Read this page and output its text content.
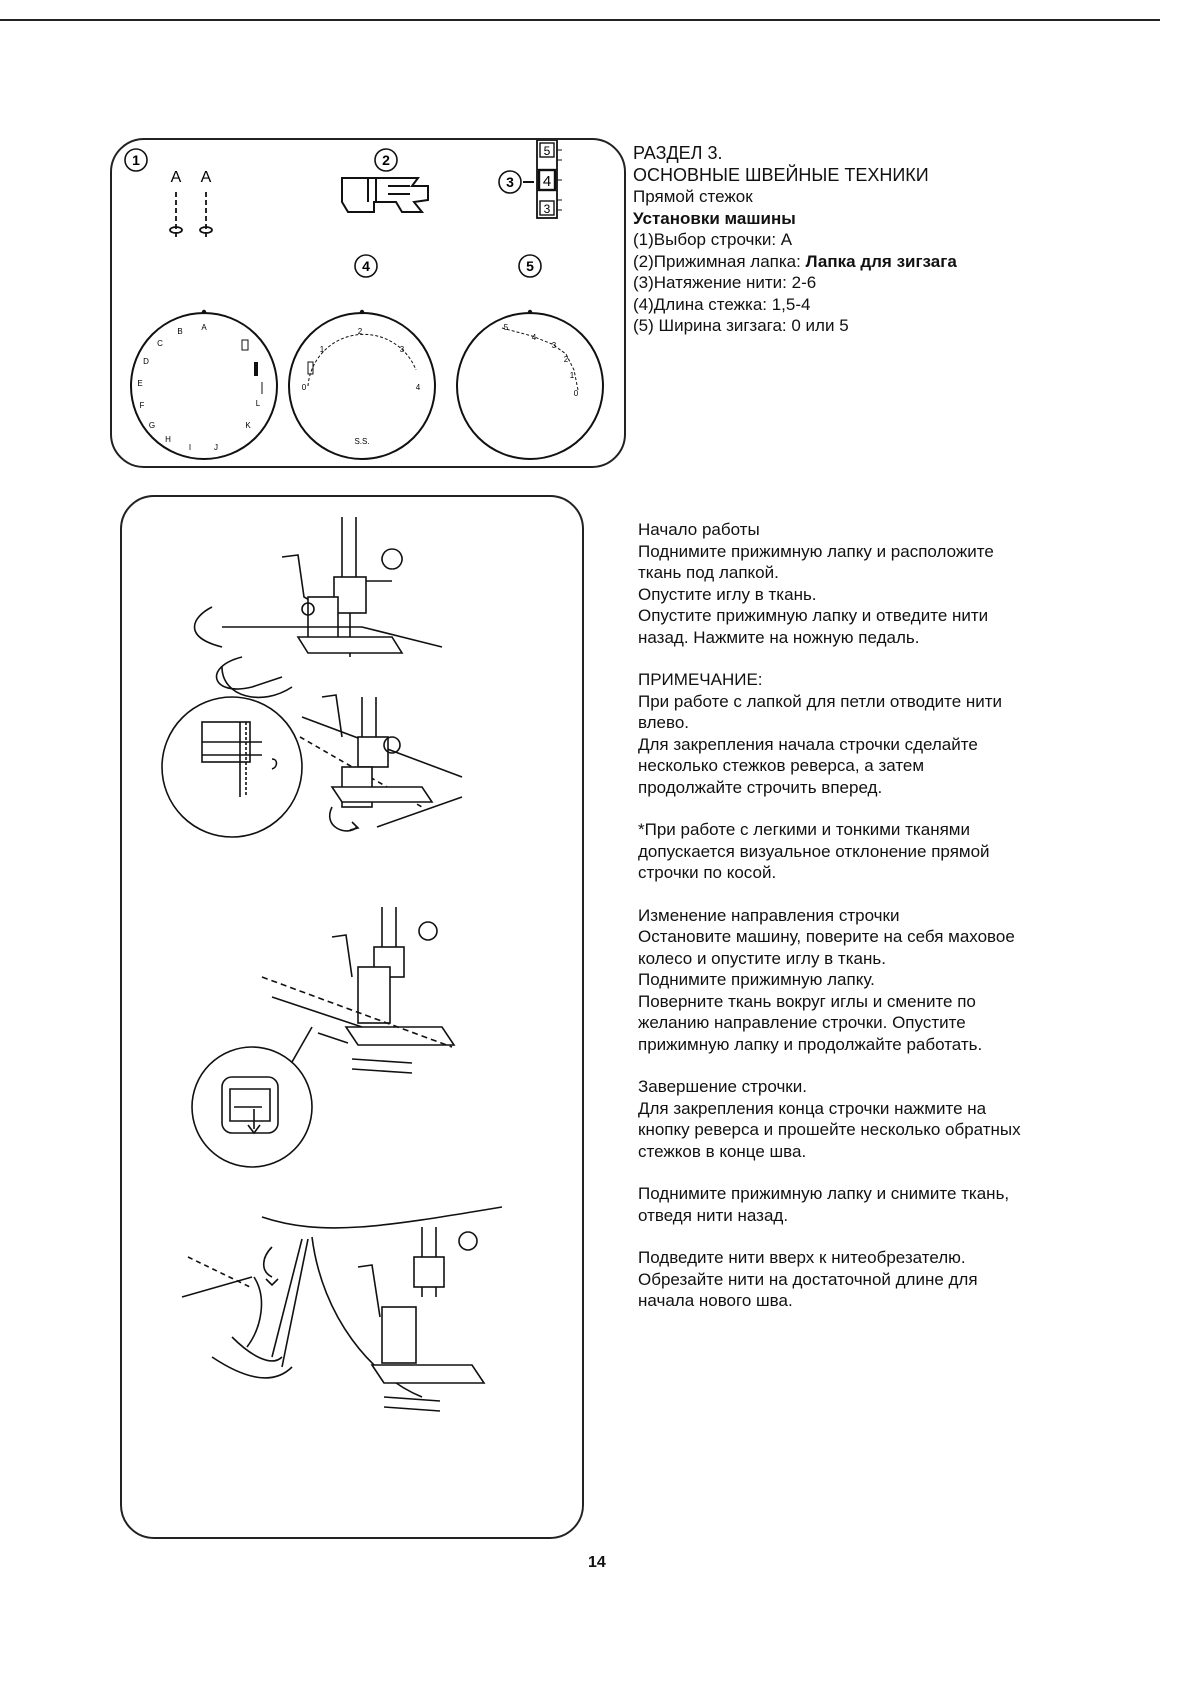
1
A A
2
3
5
4
3
4	5
A
B
C
D
E
F
G
H
I	J
K
L
0
1
2
3
4
S.S.
5
4
3
2
1
0

РАЗДЕЛ 3.

ОСНОВНЫЕ ШВЕЙНЫЕ ТЕХНИКИ

Прямой стежок

Установки машины

(1)Выбор строчки: A

(2)Прижимная лапка: Лапка для зигзага

(3)Натяжение нити: 2-6

(4)Длина стежка: 1,5-4

(5) Ширина зигзага: 0 или 5

Начало работы

Поднимите прижимную лапку и расположите

ткань под лапкой.

Опустите иглу в ткань.

Опустите прижимную лапку и отведите нити

назад. Нажмите на ножную педаль.

ПРИМЕЧАНИЕ:

При работе с лапкой для петли отводите нити

влево.

Для закрепления начала строчки сделайте

несколько стежков реверса, а затем

продолжайте строчить вперед.

*При работе с легкими и тонкими тканями

допускается визуальное отклонение прямой

строчки по косой.

Изменение направления строчки

Остановите машину, поверите на себя маховое

колесо и опустите иглу в ткань.

Поднимите прижимную лапку.

Поверните ткань вокруг иглы и смените по

желанию направление строчки. Опустите

прижимную лапку и продолжайте работать.

Завершение строчки.

Для закрепления конца строчки нажмите на

кнопку реверса и прошейте несколько обратных

стежков в конце шва.

Поднимите прижимную лапку и снимите ткань,

отведя нити назад.

Подведите нити вверх к нитеобрезателю.

Обрезайте нити на достаточной длине для

начала нового шва.

14
